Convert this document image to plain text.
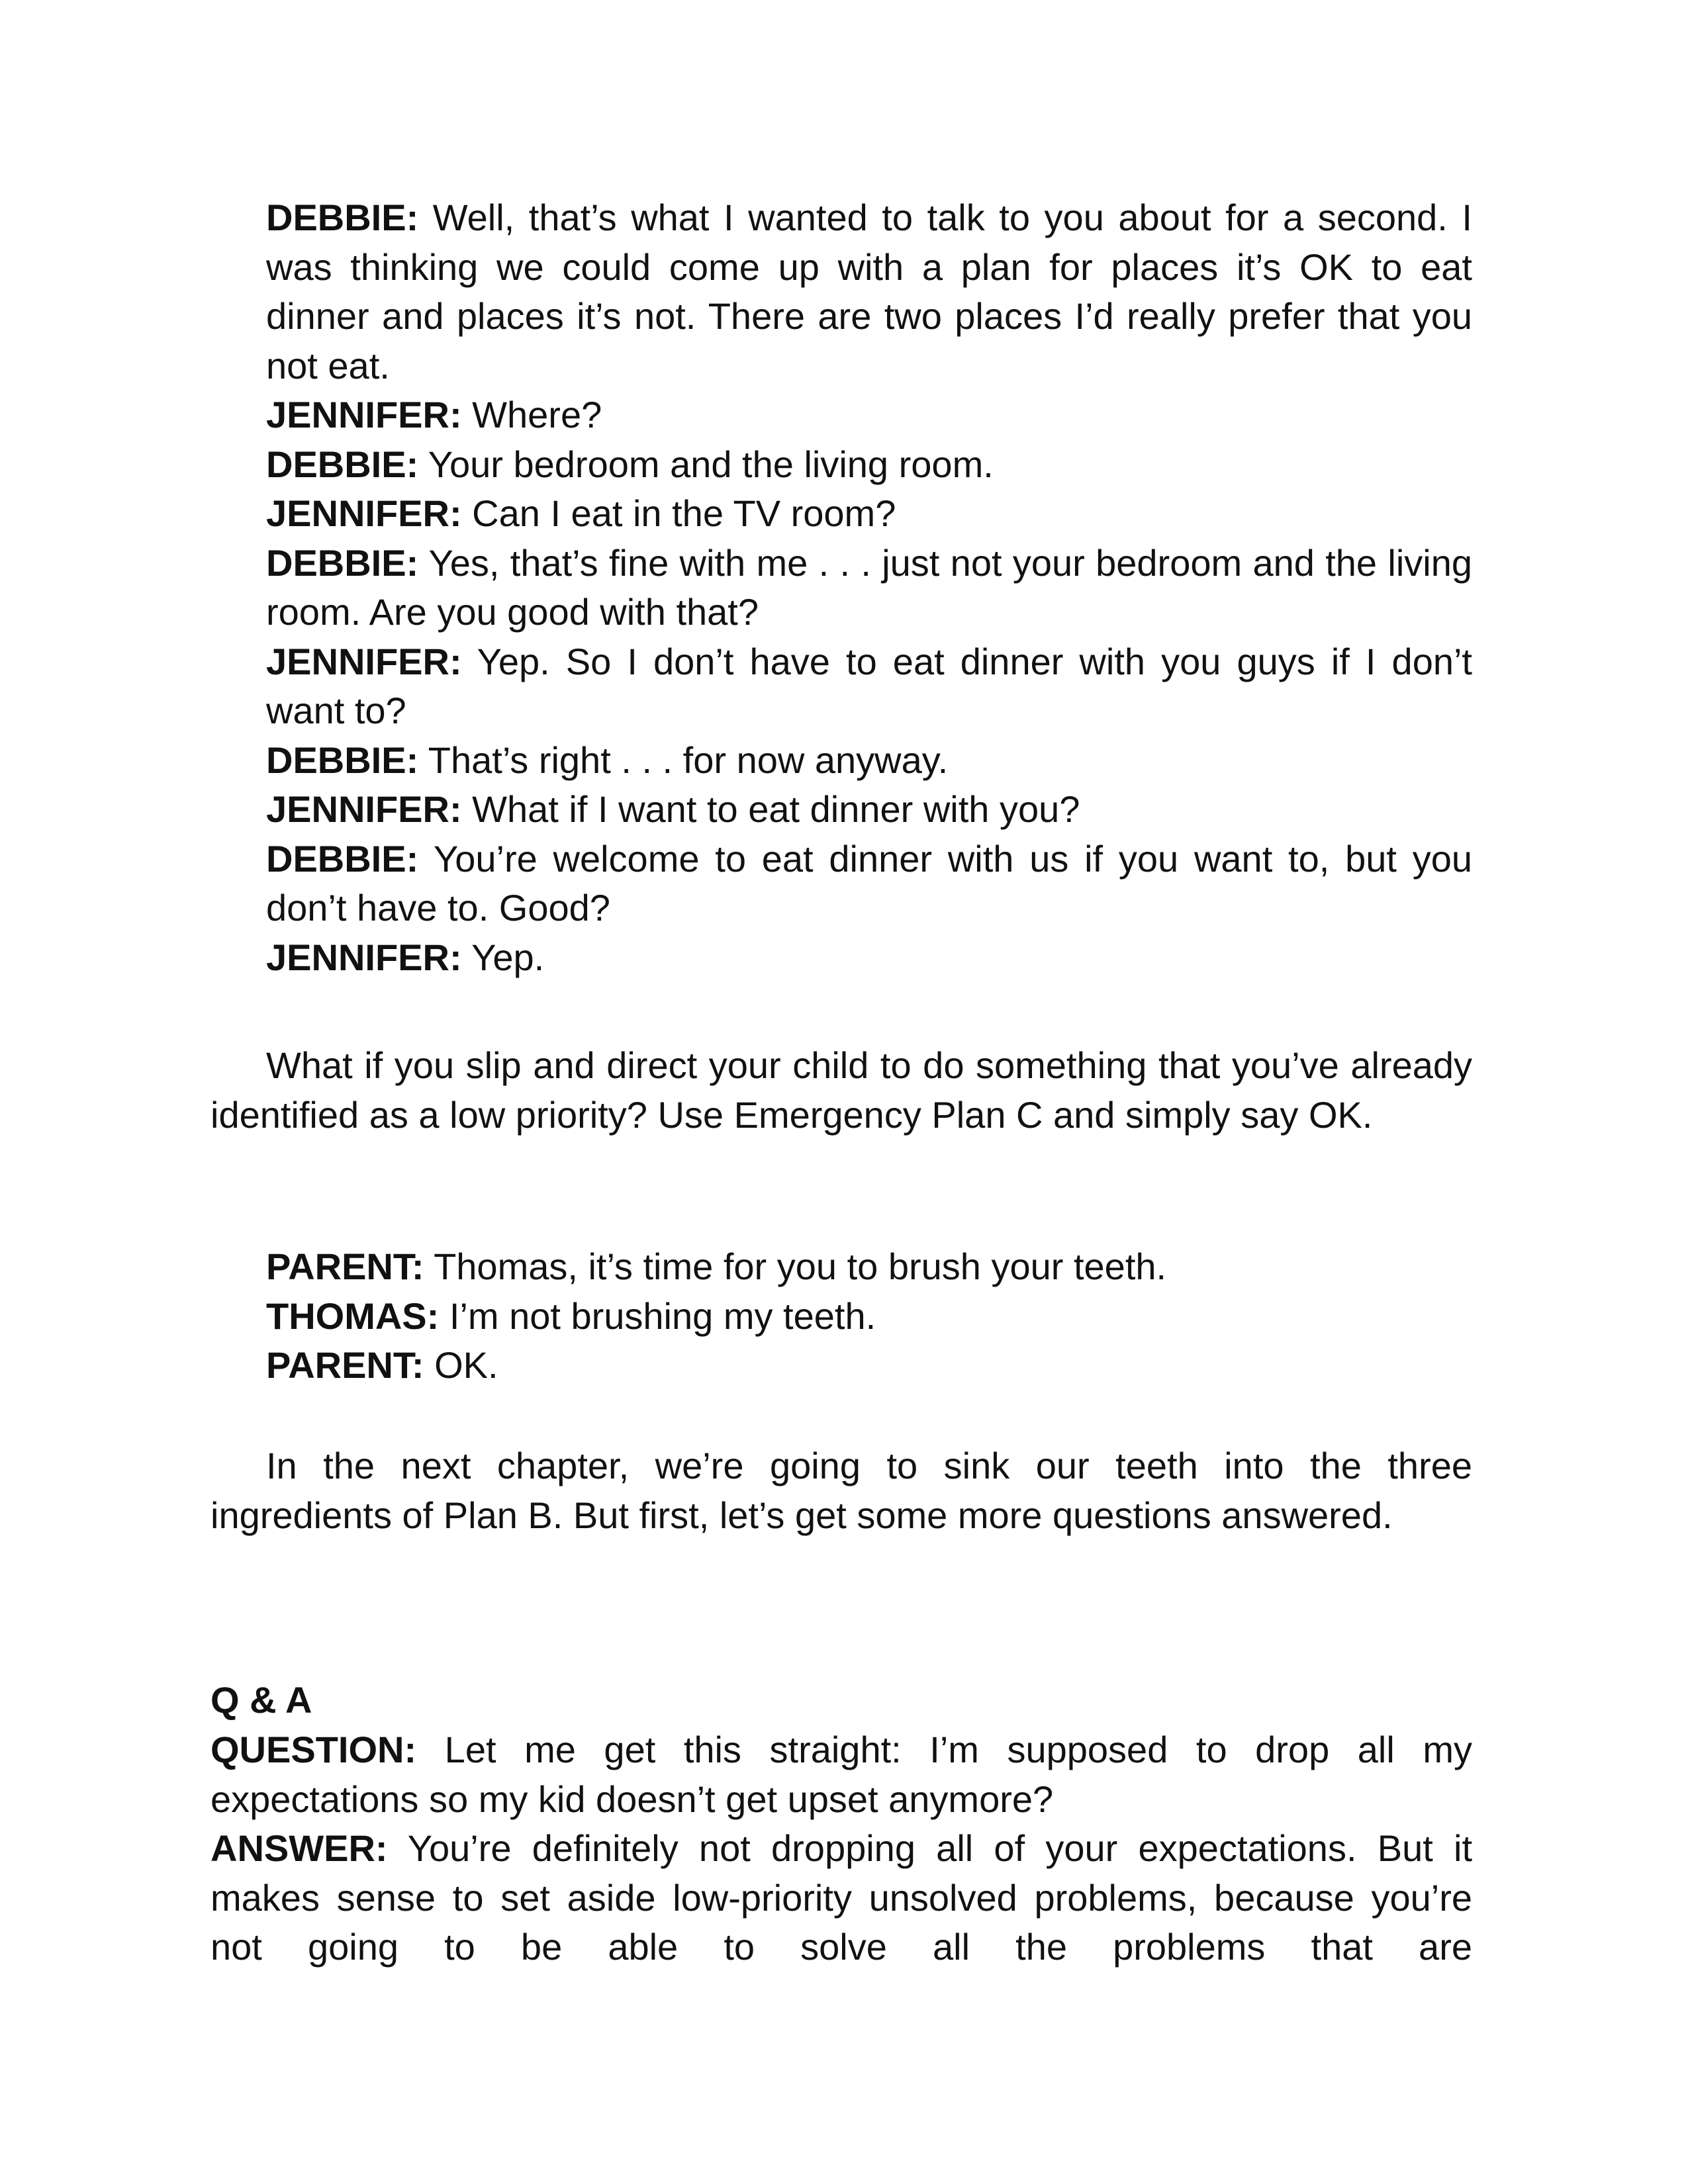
DEBBIE: Well, that’s what I wanted to talk to you about for a second. I was thinking we could come up with a plan for places it’s OK to eat dinner and places it’s not. There are two places I’d really prefer that you not eat.

JENNIFER: Where?

DEBBIE: Your bedroom and the living room.

JENNIFER: Can I eat in the TV room?

DEBBIE: Yes, that’s fine with me . . . just not your bedroom and the living room. Are you good with that?

JENNIFER: Yep. So I don’t have to eat dinner with you guys if I don’t want to?

DEBBIE: That’s right . . . for now anyway.

JENNIFER: What if I want to eat dinner with you?

DEBBIE: You’re welcome to eat dinner with us if you want to, but you don’t have to. Good?

JENNIFER: Yep.

What if you slip and direct your child to do something that you’ve already identified as a low priority? Use Emergency Plan C and simply say OK.

PARENT: Thomas, it’s time for you to brush your teeth.

THOMAS: I’m not brushing my teeth.

PARENT: OK.

In the next chapter, we’re going to sink our teeth into the three ingredients of Plan B. But first, let’s get some more questions answered.

Q & A

QUESTION: Let me get this straight: I’m supposed to drop all my expectations so my kid doesn’t get upset anymore?

ANSWER: You’re definitely not dropping all of your expectations. But it makes sense to set aside low-priority unsolved problems, because you’re not going to be able to solve all the problems that are
